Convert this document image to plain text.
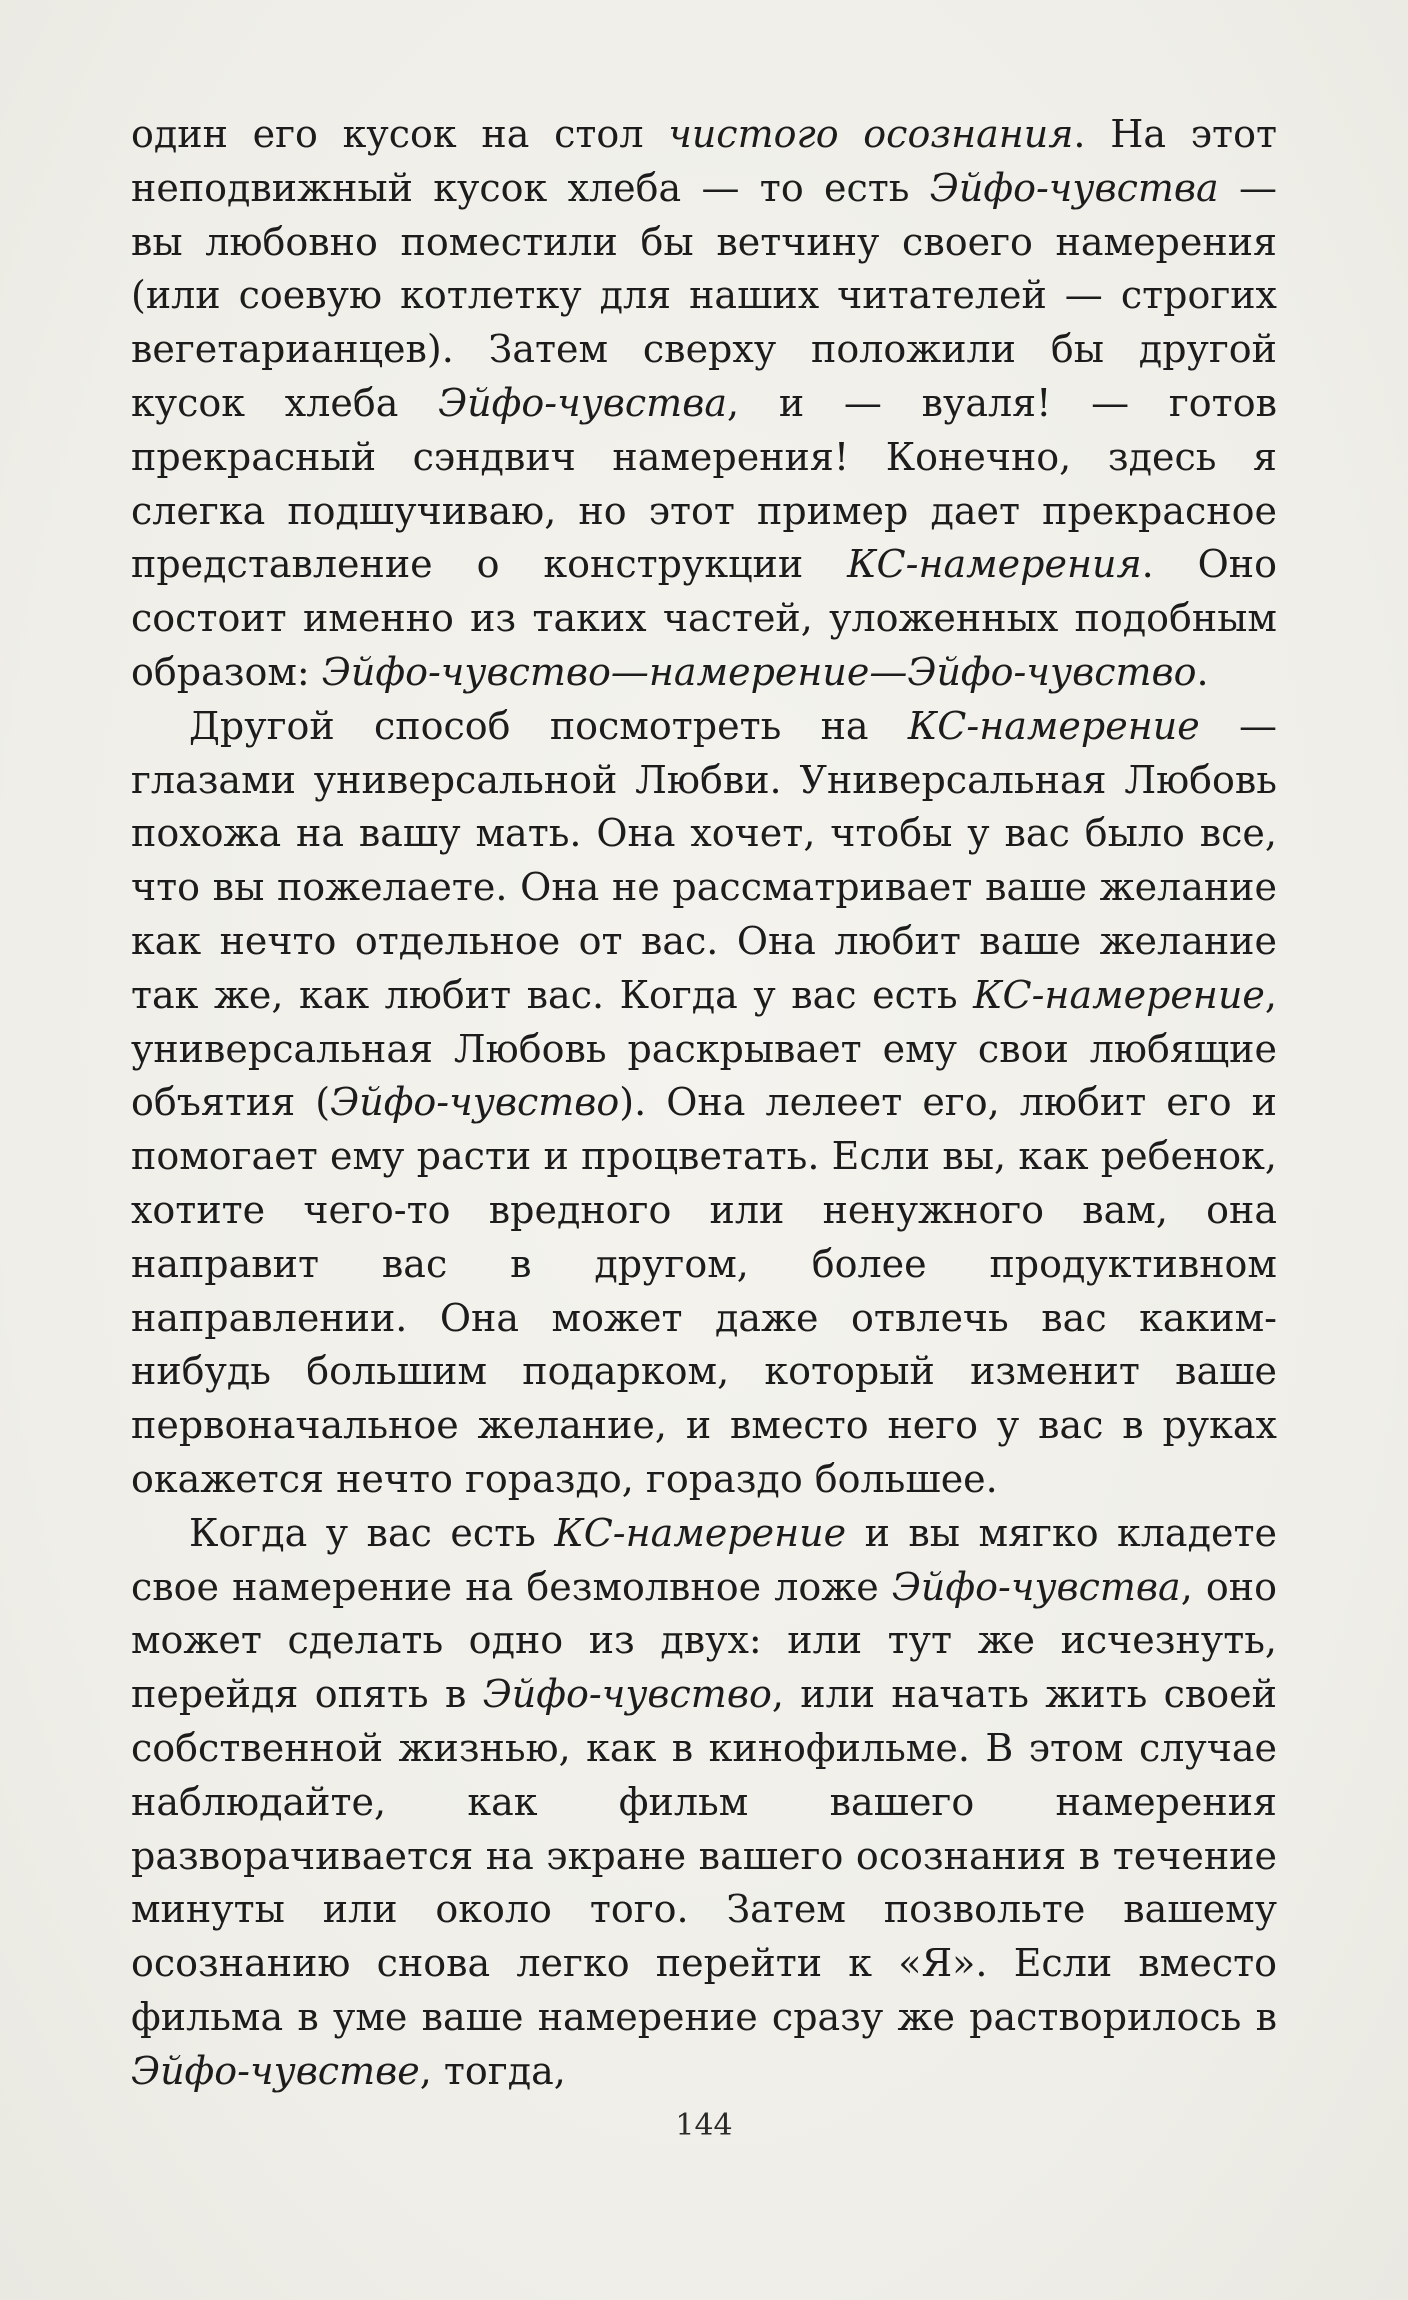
один его кусок на стол чистого осознания. На этот неподвижный кусок хлеба — то есть Эйфо-чувства — вы любовно поместили бы ветчину своего намерения (или соевую котлетку для наших читателей — строгих вегетарианцев). Затем сверху положили бы другой кусок хлеба Эйфо-чувства, и — вуаля! — готов прекрасный сэндвич намерения! Конечно, здесь я слегка подшучиваю, но этот пример дает прекрасное представление о конструкции КС-намерения. Оно состоит именно из таких частей, уложенных подобным образом: Эйфо-чувство—намерение—Эйфо-чувство.

Другой способ посмотреть на КС-намерение — глазами универсальной Любви. Универсальная Любовь похожа на вашу мать. Она хочет, чтобы у вас было все, что вы пожелаете. Она не рассматривает ваше желание как нечто отдельное от вас. Она любит ваше желание так же, как любит вас. Когда у вас есть КС-намерение, универсальная Любовь раскрывает ему свои любящие объятия (Эйфо-чувство). Она лелеет его, любит его и помогает ему расти и процветать. Если вы, как ребенок, хотите чего-то вредного или ненужного вам, она направит вас в другом, более продуктивном направлении. Она может даже отвлечь вас каким-нибудь большим подарком, который изменит ваше первоначальное желание, и вместо него у вас в руках окажется нечто гораздо, гораздо большее.

Когда у вас есть КС-намерение и вы мягко кладете свое намерение на безмолвное ложе Эйфо-чувства, оно может сделать одно из двух: или тут же исчезнуть, перейдя опять в Эйфо-чувство, или начать жить своей собственной жизнью, как в кинофильме. В этом случае наблюдайте, как фильм вашего намерения разворачивается на экране вашего осознания в течение минуты или около того. Затем позвольте вашему осознанию снова легко перейти к «Я». Если вместо фильма в уме ваше намерение сразу же растворилось в Эйфо-чувстве, тогда,

144
